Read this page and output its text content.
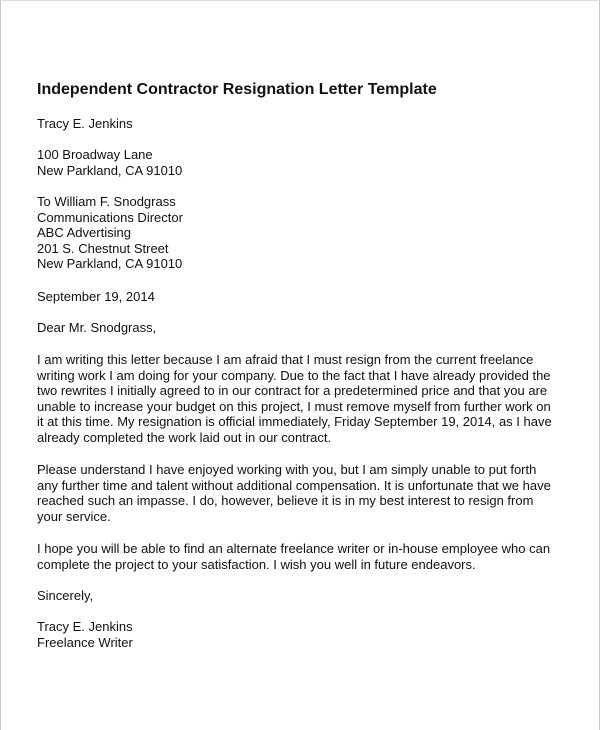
Independent Contractor Resignation Letter Template
Tracy E. Jenkins
100 Broadway Lane
New Parkland, CA 91010
To William F. Snodgrass
Communications Director
ABC Advertising
201 S. Chestnut Street
New Parkland, CA 91010
September 19, 2014
Dear Mr. Snodgrass,
I am writing this letter because I am afraid that I must resign from the current freelance
writing work I am doing for your company. Due to the fact that I have already provided the
two rewrites I initially agreed to in our contract for a predetermined price and that you are
unable to increase your budget on this project, I must remove myself from further work on
it at this time. My resignation is official immediately, Friday September 19, 2014, as I have
already completed the work laid out in our contract.
Please understand I have enjoyed working with you, but I am simply unable to put forth
any further time and talent without additional compensation. It is unfortunate that we have
reached such an impasse. I do, however, believe it is in my best interest to resign from
your service.
I hope you will be able to find an alternate freelance writer or in-house employee who can
complete the project to your satisfaction. I wish you well in future endeavors.
Sincerely,
Tracy E. Jenkins
Freelance Writer
